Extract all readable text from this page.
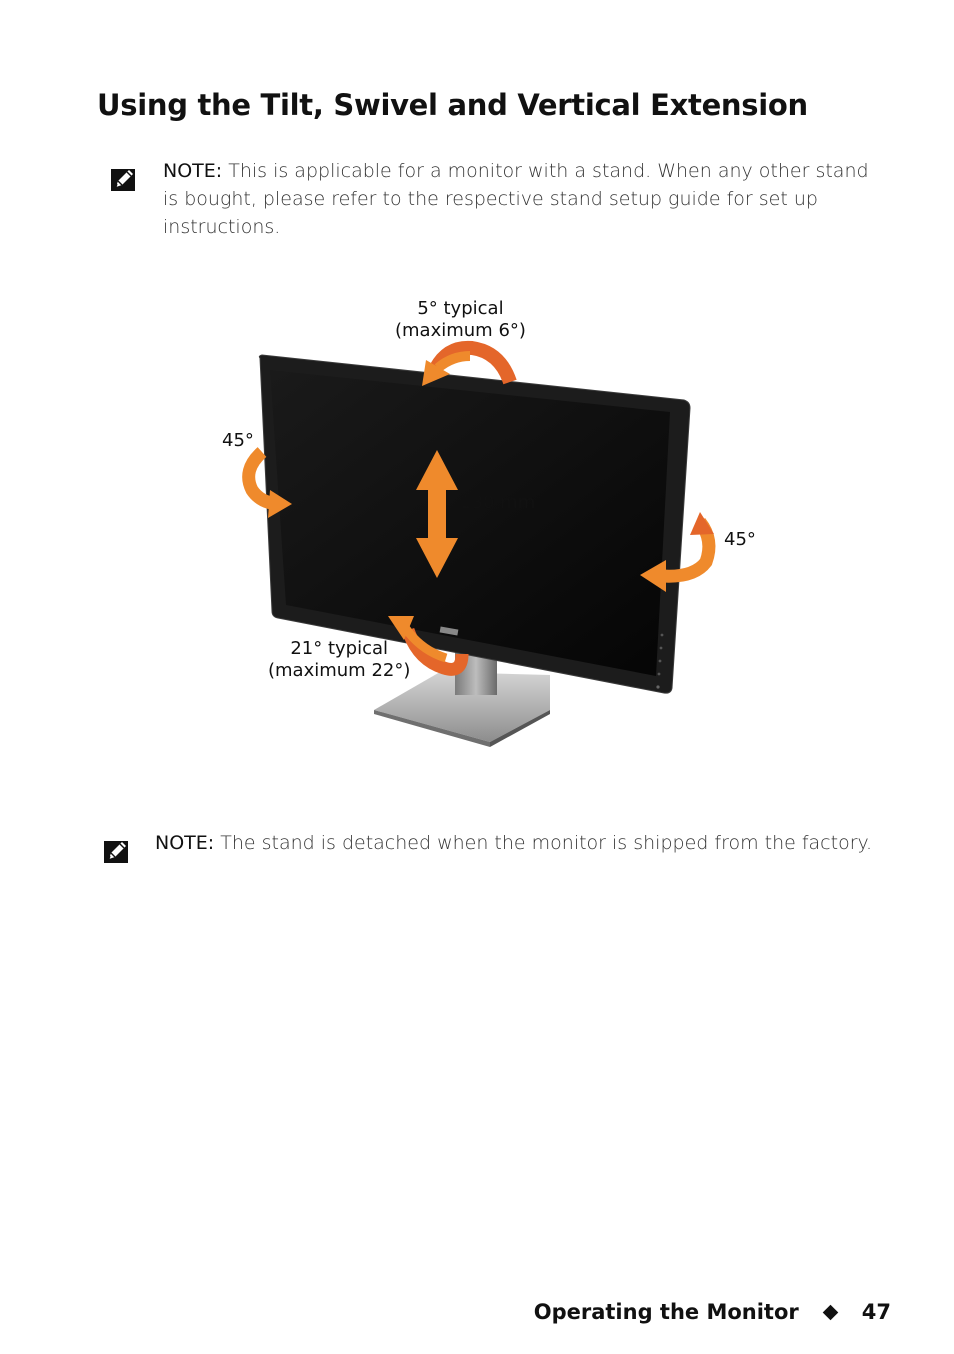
Using the Tilt, Swivel and Vertical Extension
NOTE: This is applicable for a monitor with a stand. When any other stand is bought, please refer to the respective stand setup guide for set up instructions.
5° typical
(maximum 6°)
45°
130 mm
45°
21° typical
(maximum 22°)
NOTE: The stand is detached when the monitor is shipped from the factory.
Operating the Monitor	47
